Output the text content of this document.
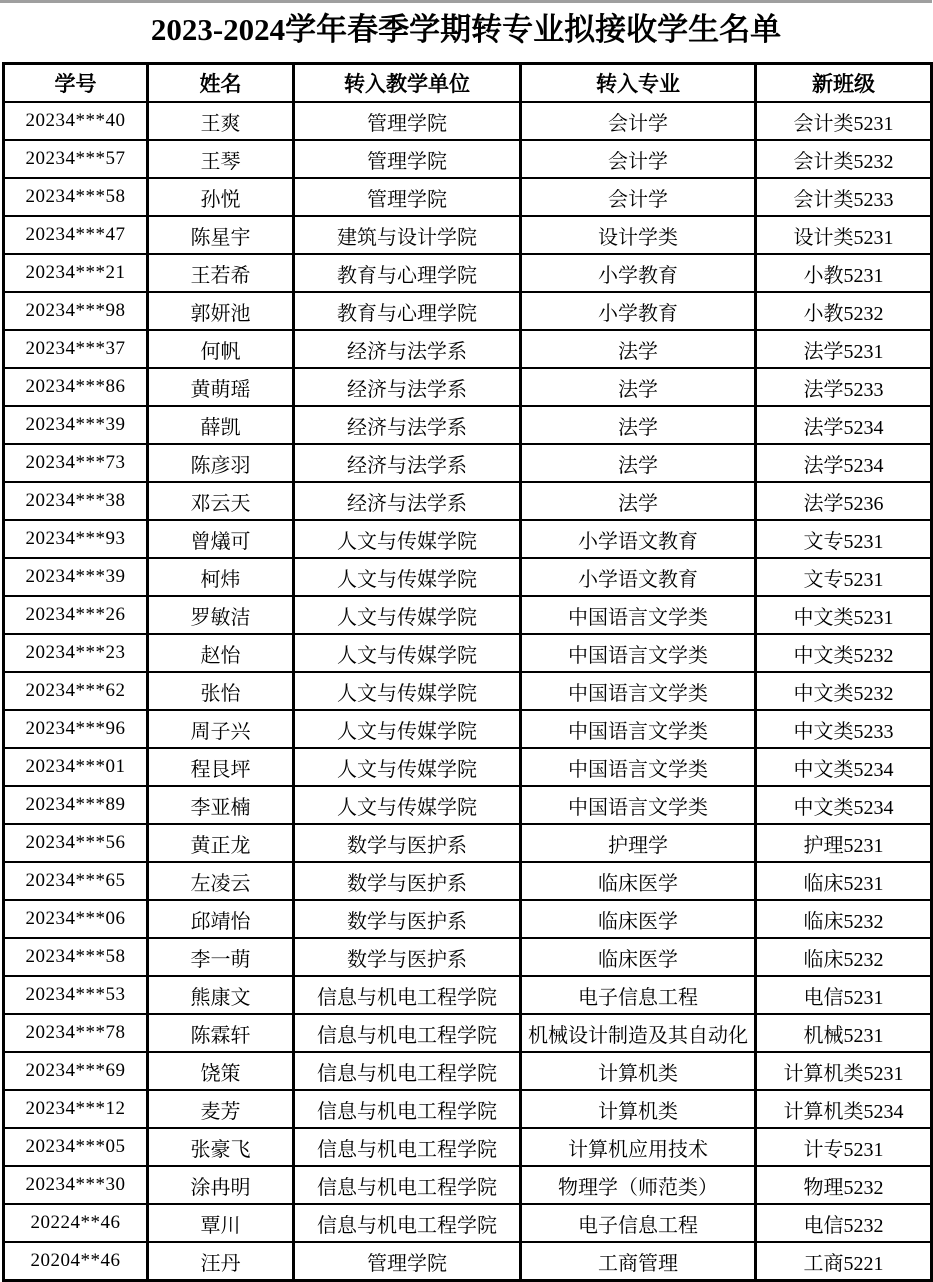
2023-2024学年春季学期转专业拟接收学生名单
学号	姓名	转入教学单位	转入专业	新班级
20234***40	王爽	管理学院	会计学	会计类5231
20234***57	王琴	管理学院	会计学	会计类5232
20234***58	孙悦	管理学院	会计学	会计类5233
20234***47	陈星宇	建筑与设计学院	设计学类	设计类5231
20234***21	王若希	教育与心理学院	小学教育	小教5231
20234***98	郭妍池	教育与心理学院	小学教育	小教5232
20234***37	何帆	经济与法学系	法学	法学5231
20234***86	黄萌瑶	经济与法学系	法学	法学5233
20234***39	薛凯	经济与法学系	法学	法学5234
20234***73	陈彦羽	经济与法学系	法学	法学5234
20234***38	邓云天	经济与法学系	法学	法学5236
20234***93	曾燨可	人文与传媒学院	小学语文教育	文专5231
20234***39	柯炜	人文与传媒学院	小学语文教育	文专5231
20234***26	罗敏洁	人文与传媒学院	中国语言文学类	中文类5231
20234***23	赵怡	人文与传媒学院	中国语言文学类	中文类5232
20234***62	张怡	人文与传媒学院	中国语言文学类	中文类5232
20234***96	周子兴	人文与传媒学院	中国语言文学类	中文类5233
20234***01	程艮坪	人文与传媒学院	中国语言文学类	中文类5234
20234***89	李亚楠	人文与传媒学院	中国语言文学类	中文类5234
20234***56	黄正龙	数学与医护系	护理学	护理5231
20234***65	左凌云	数学与医护系	临床医学	临床5231
20234***06	邱靖怡	数学与医护系	临床医学	临床5232
20234***58	李一萌	数学与医护系	临床医学	临床5232
20234***53	熊康文	信息与机电工程学院	电子信息工程	电信5231
20234***78	陈霖轩	信息与机电工程学院	机械设计制造及其自动化	机械5231
20234***69	饶策	信息与机电工程学院	计算机类	计算机类5231
20234***12	麦芳	信息与机电工程学院	计算机类	计算机类5234
20234***05	张豪飞	信息与机电工程学院	计算机应用技术	计专5231
20234***30	涂冉明	信息与机电工程学院	物理学（师范类）	物理5232
20224**46	覃川	信息与机电工程学院	电子信息工程	电信5232
20204**46	汪丹	管理学院	工商管理	工商5221
